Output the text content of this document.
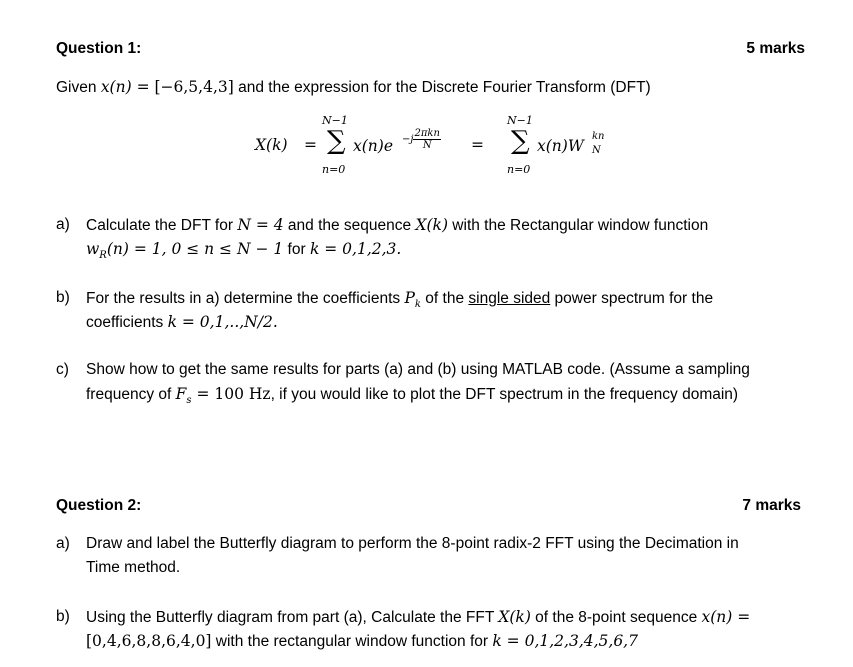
Question 1:	5 marks
Given x(n) = [−6,5,4,3] and the expression for the Discrete Fourier Transform (DFT)
X(k) =
N−1
∑
n=0
$x(n)e -j \frac{\text{2πkn}}{N}$ =
N−1
∑
n=0
x(n)W
kn
N
a) Calculate the DFT for N = 4 and the sequence X(k) with the Rectangular window function
$w_R(n) = 1$, 0 ≤ n ≤ N − 1 for k = 0,1,2,3.
b) For the results in a) determine the coefficients $P_k$ of the single sided power spectrum for the
coefficients k = 0,1,..,N/2.
c) Show how to get the same results for parts (a) and (b) using MATLAB code. (Assume a sampling
frequency of $F_s = 100$ Hz, if you would like to plot the DFT spectrum in the frequency domain)
Question 2:	7 marks
a) Draw and label the Butterfly diagram to perform the 8-point radix-2 FFT using the Decimation in
Time method.
b) Using the Butterfly diagram from part (a), Calculate the FFT X(k) of the 8-point sequence x(n) =
[0,4,6,8,8,6,4,0] with the rectangular window function for k = 0,1,2,3,4,5,6,7
